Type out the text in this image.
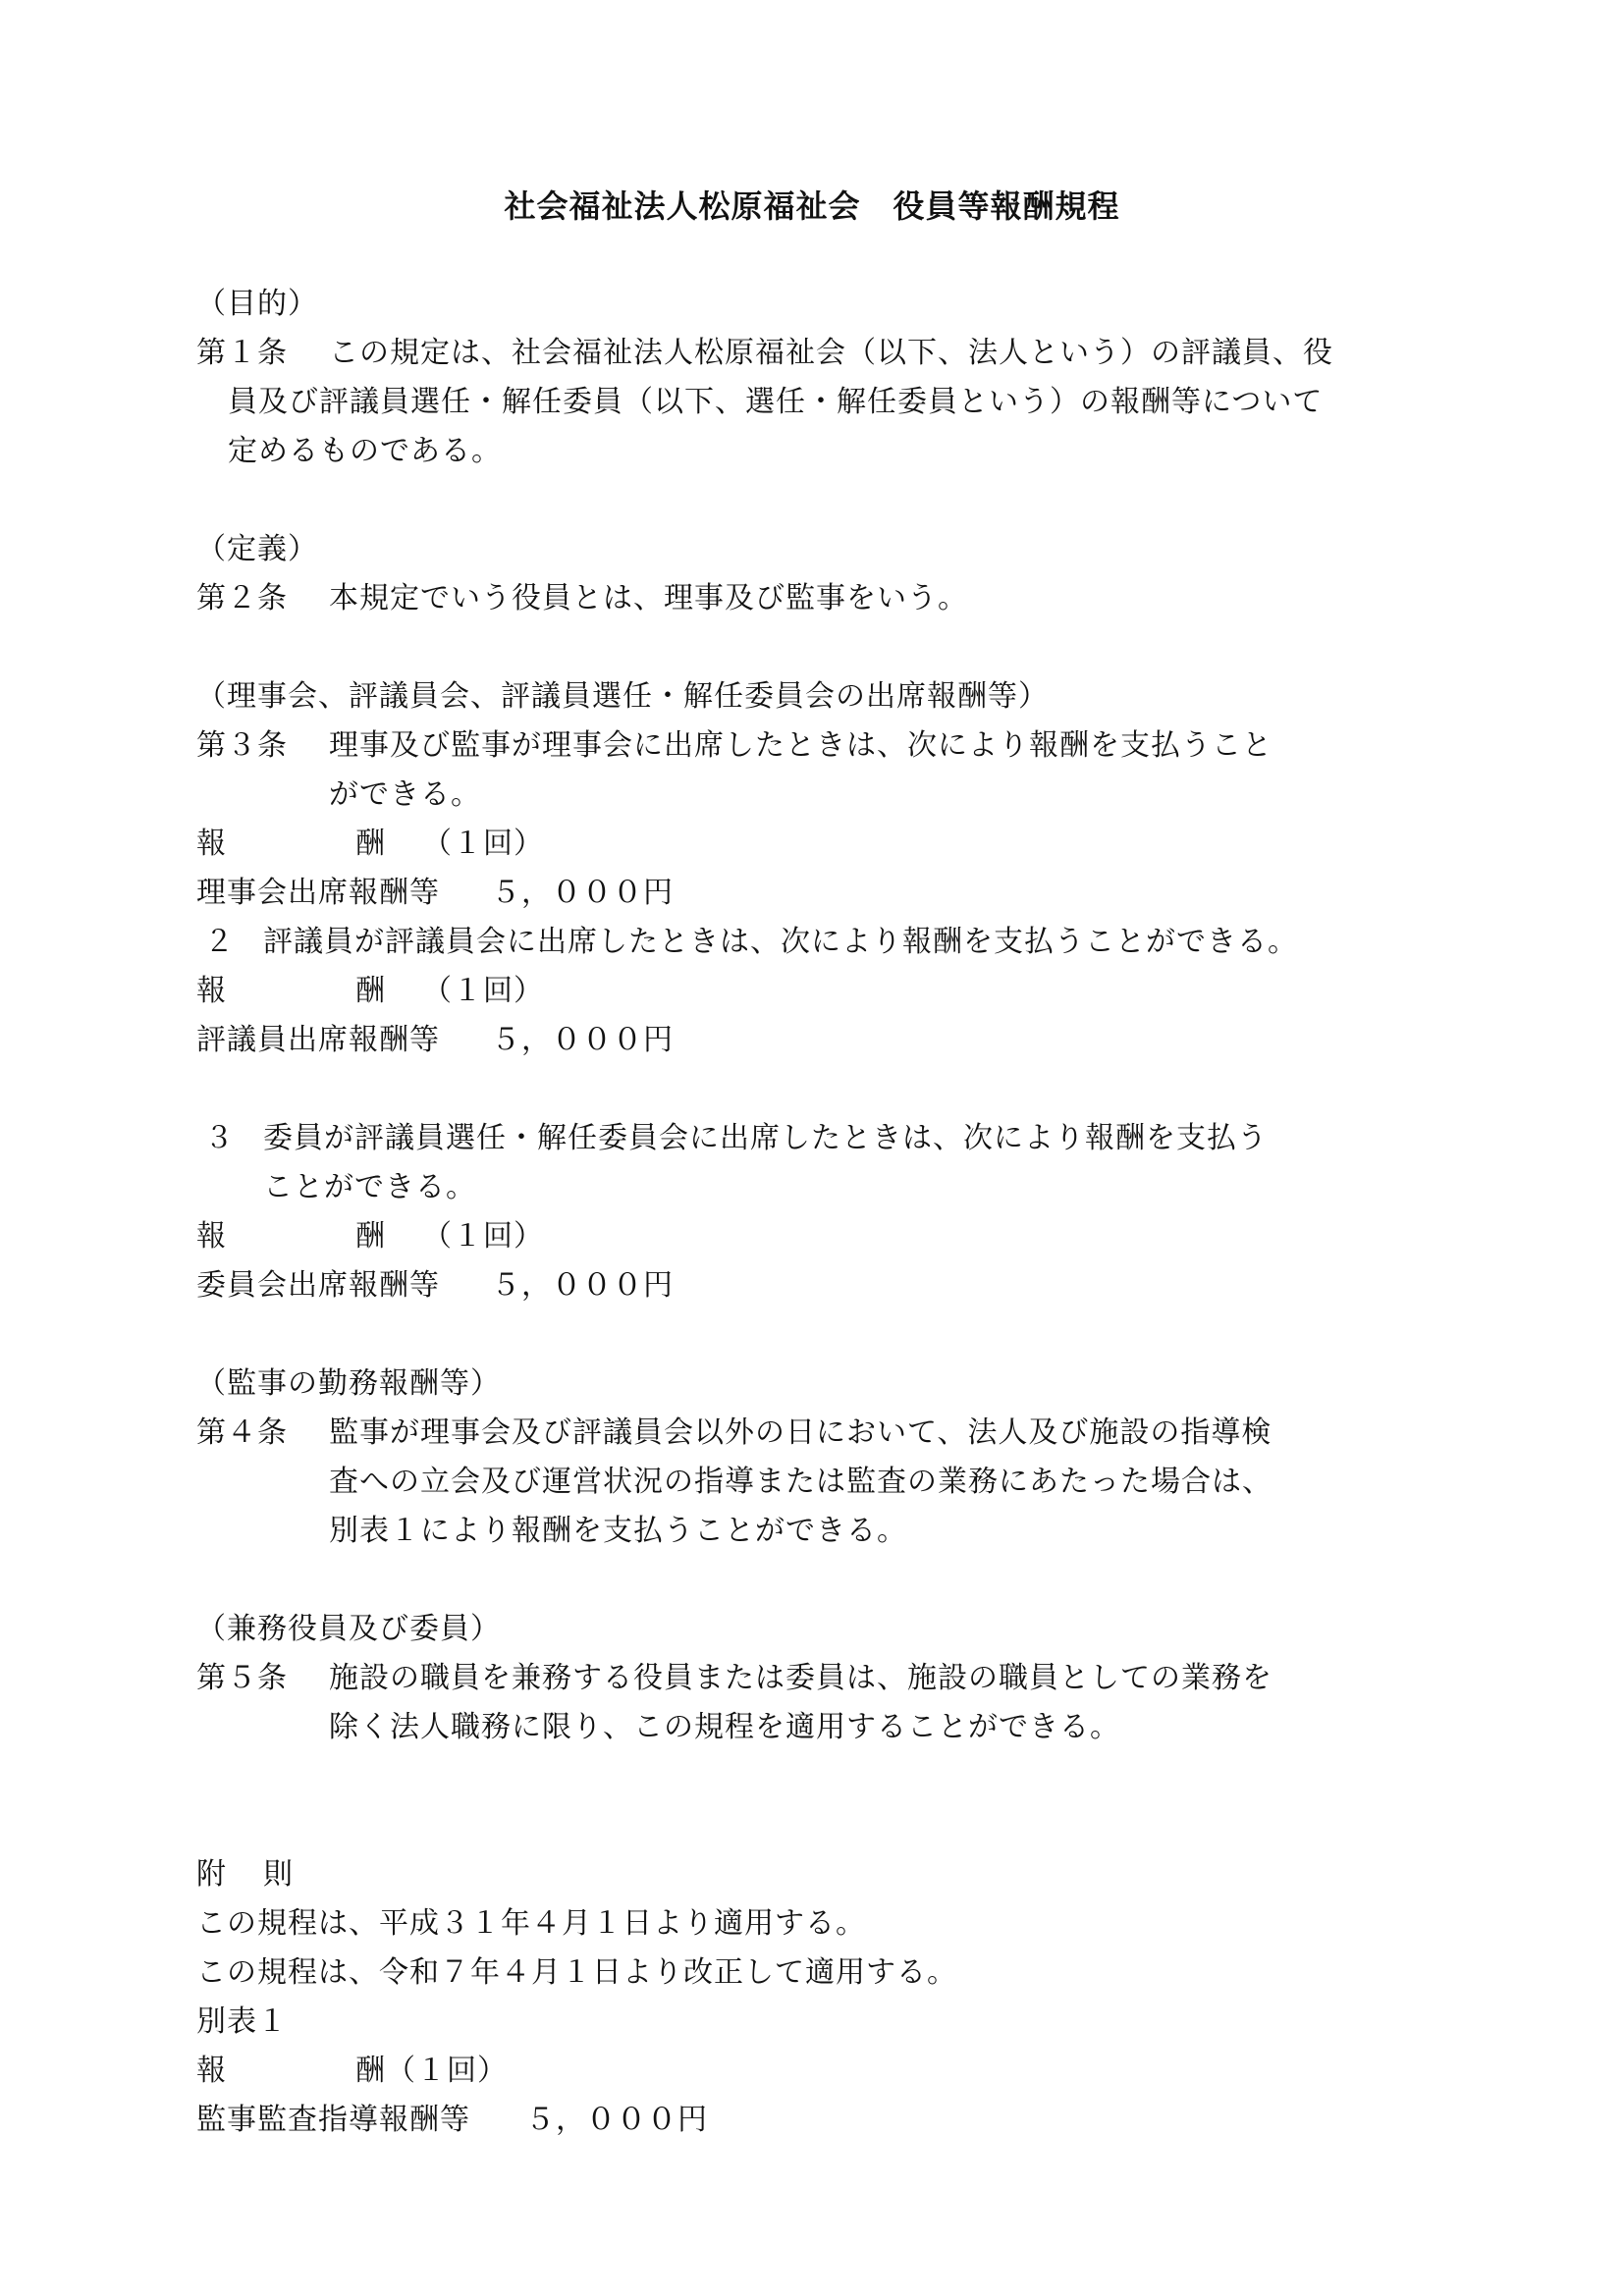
社会福祉法人松原福祉会　役員等報酬規程
（目的）
第１条 この規定は、社会福祉法人松原福祉会（以下、法人という）の評議員、役
員及び評議員選任・解任委員（以下、選任・解任委員という）の報酬等について
定めるものである。
（定義）
第２条 本規定でいう役員とは、理事及び監事をいう。
（理事会、評議員会、評議員選任・解任委員会の出席報酬等）
第３条 理事及び監事が理事会に出席したときは、次により報酬を支払うこと
ができる。
報	酬 （１回）
理事会出席報酬等 ５，０００円
２ 評議員が評議員会に出席したときは、次により報酬を支払うことができる。
報	酬 （１回）
評議員出席報酬等 ５，０００円
３ 委員が評議員選任・解任委員会に出席したときは、次により報酬を支払う
ことができる。
報	酬 （１回）
委員会出席報酬等 ５，０００円
（監事の勤務報酬等）
第４条 監事が理事会及び評議員会以外の日において、法人及び施設の指導検
査への立会及び運営状況の指導または監査の業務にあたった場合は、
別表１により報酬を支払うことができる。
（兼務役員及び委員）
第５条 施設の職員を兼務する役員または委員は、施設の職員としての業務を
除く法人職務に限り、この規程を適用することができる。
附 則
この規程は、平成３１年４月１日より適用する。
この規程は、令和７年４月１日より改正して適用する。
別表１
報	酬（１回）
監事監査指導報酬等 ５，０００円
